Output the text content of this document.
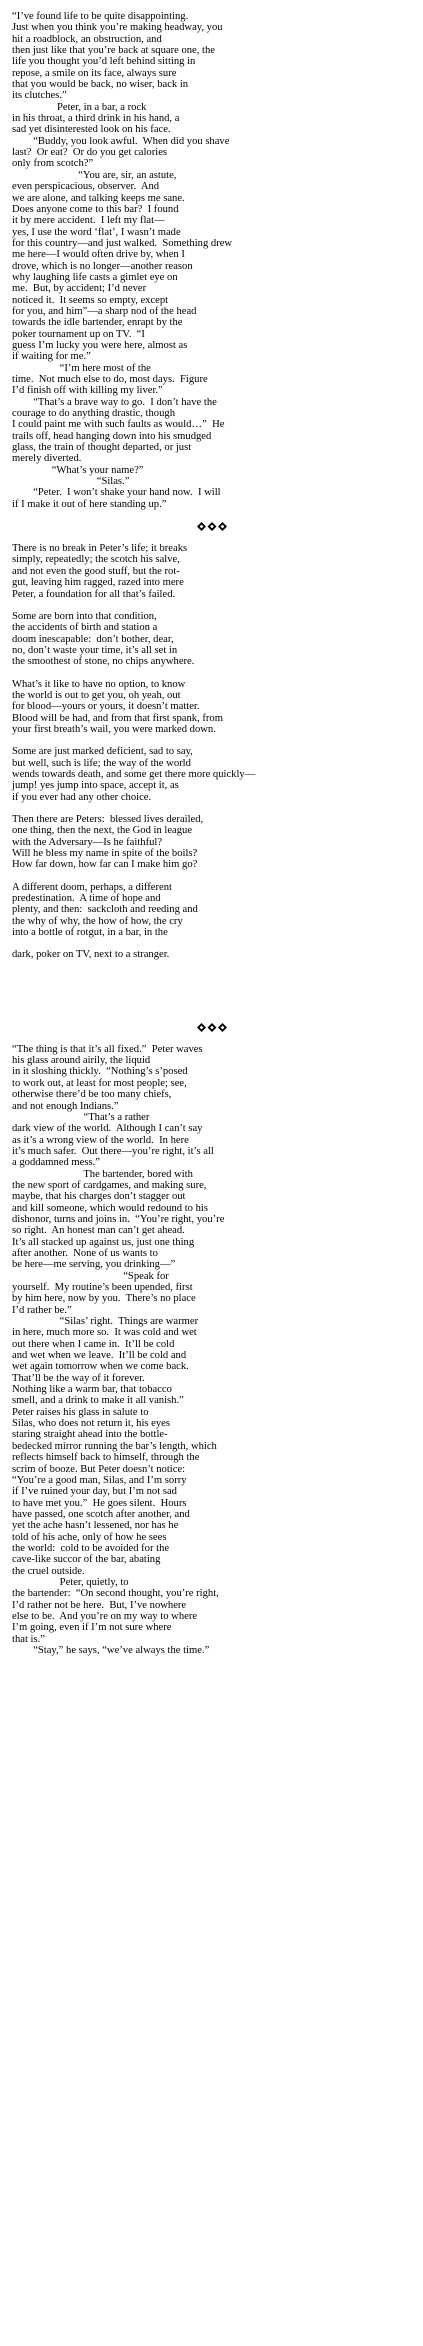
“I’ve found life to be quite disappointing.
Just when you think you’re making headway, you
hit a roadblock, an obstruction, and
then just like that you’re back at square one, the
life you thought you’d left behind sitting in
repose, a smile on its face, always sure
that you would be back, no wiser, back in
its clutches.”
Peter, in a bar, a rock
in his throat, a third drink in his hand, a
sad yet disinterested look on his face.
“Buddy, you look awful.  When did you shave
last?  Or eat?  Or do you get calories
only from scotch?”
“You are, sir, an astute,
even perspicacious, observer.  And
we are alone, and talking keeps me sane.
Does anyone come to this bar?  I found
it by mere accident.  I left my flat—
yes, I use the word ‘flat’, I wasn’t made
for this country—and just walked.  Something drew
me here—I would often drive by, when I
drove, which is no longer—another reason
why laughing life casts a gimlet eye on
me.  But, by accident; I’d never
noticed it.  It seems so empty, except
for you, and him”—a sharp nod of the head
towards the idle bartender, enrapt by the
poker tournament up on TV.  “I
guess I’m lucky you were here, almost as
if waiting for me.”
“I’m here most of the
time.  Not much else to do, most days.  Figure
I’d finish off with killing my liver.”
“That’s a brave way to go.  I don’t have the
courage to do anything drastic, though
I could paint me with such faults as would…”  He
trails off, head hanging down into his smudged
glass, the train of thought departed, or just
merely diverted.
“What’s your name?”
“Silas.”
“Peter.  I won’t shake your hand now.  I will
if I make it out of here standing up.”
There is no break in Peter’s life; it breaks
simply, repeatedly; the scotch his salve,
and not even the good stuff, but the rot-
gut, leaving him ragged, razed into mere
Peter, a foundation for all that’s failed.
Some are born into that condition,
the accidents of birth and station a
doom inescapable:  don’t bother, dear,
no, don’t waste your time, it’s all set in
the smoothest of stone, no chips anywhere.
What’s it like to have no option, to know
the world is out to get you, oh yeah, out
for blood—yours or yours, it doesn’t matter.
Blood will be had, and from that first spank, from
your first breath’s wail, you were marked down.
Some are just marked deficient, sad to say,
but well, such is life; the way of the world
wends towards death, and some get there more quickly—
jump! yes jump into space, accept it, as
if you ever had any other choice.
Then there are Peters:  blessed lives derailed,
one thing, then the next, the God in league
with the Adversary—Is he faithful?
Will he bless my name in spite of the boils?
How far down, how far can I make him go?
A different doom, perhaps, a different
predestination.  A time of hope and
plenty, and then:  sackcloth and reeding and
the why of why, the how of how, the cry
into a bottle of rotgut, in a bar, in the
dark, poker on TV, next to a stranger.
“The thing is that it’s all fixed.”  Peter waves
his glass around airily, the liquid
in it sloshing thickly.  “Nothing’s s’posed
to work out, at least for most people; see,
otherwise there’d be too many chiefs,
and not enough Indians.”
“That’s a rather
dark view of the world.  Although I can’t say
as it’s a wrong view of the world.  In here
it’s much safer.  Out there—you’re right, it’s all
a goddamned mess.”
The bartender, bored with
the new sport of cardgames, and making sure,
maybe, that his charges don’t stagger out
and kill someone, which would redound to his
dishonor, turns and joins in.  “You’re right, you’re
so right.  An honest man can’t get ahead.
It’s all stacked up against us, just one thing
after another.  None of us wants to
be here—me serving, you drinking—”
“Speak for
yourself.  My routine’s been upended, first
by him here, now by you.  There’s no place
I’d rather be.”
“Silas’ right.  Things are warmer
in here, much more so.  It was cold and wet
out there when I came in.  It’ll be cold
and wet when we leave.  It’ll be cold and
wet again tomorrow when we come back.
That’ll be the way of it forever.
Nothing like a warm bar, that tobacco
smell, and a drink to make it all vanish.”
Peter raises his glass in salute to
Silas, who does not return it, his eyes
staring straight ahead into the bottle-
bedecked mirror running the bar’s length, which
reflects himself back to himself, through the
scrim of booze. But Peter doesn’t notice:
“You’re a good man, Silas, and I’m sorry
if I’ve ruined your day, but I’m not sad
to have met you.”  He goes silent.  Hours
have passed, one scotch after another, and
yet the ache hasn’t lessened, nor has he
told of his ache, only of how he sees
the world:  cold to be avoided for the
cave-like succor of the bar, abating
the cruel outside.
Peter, quietly, to
the bartender:  “On second thought, you’re right,
I’d rather not be here.  But, I’ve nowhere
else to be.  And you’re on my way to where
I’m going, even if I’m not sure where
that is.”
“Stay,” he says, “we’ve always the time.”
